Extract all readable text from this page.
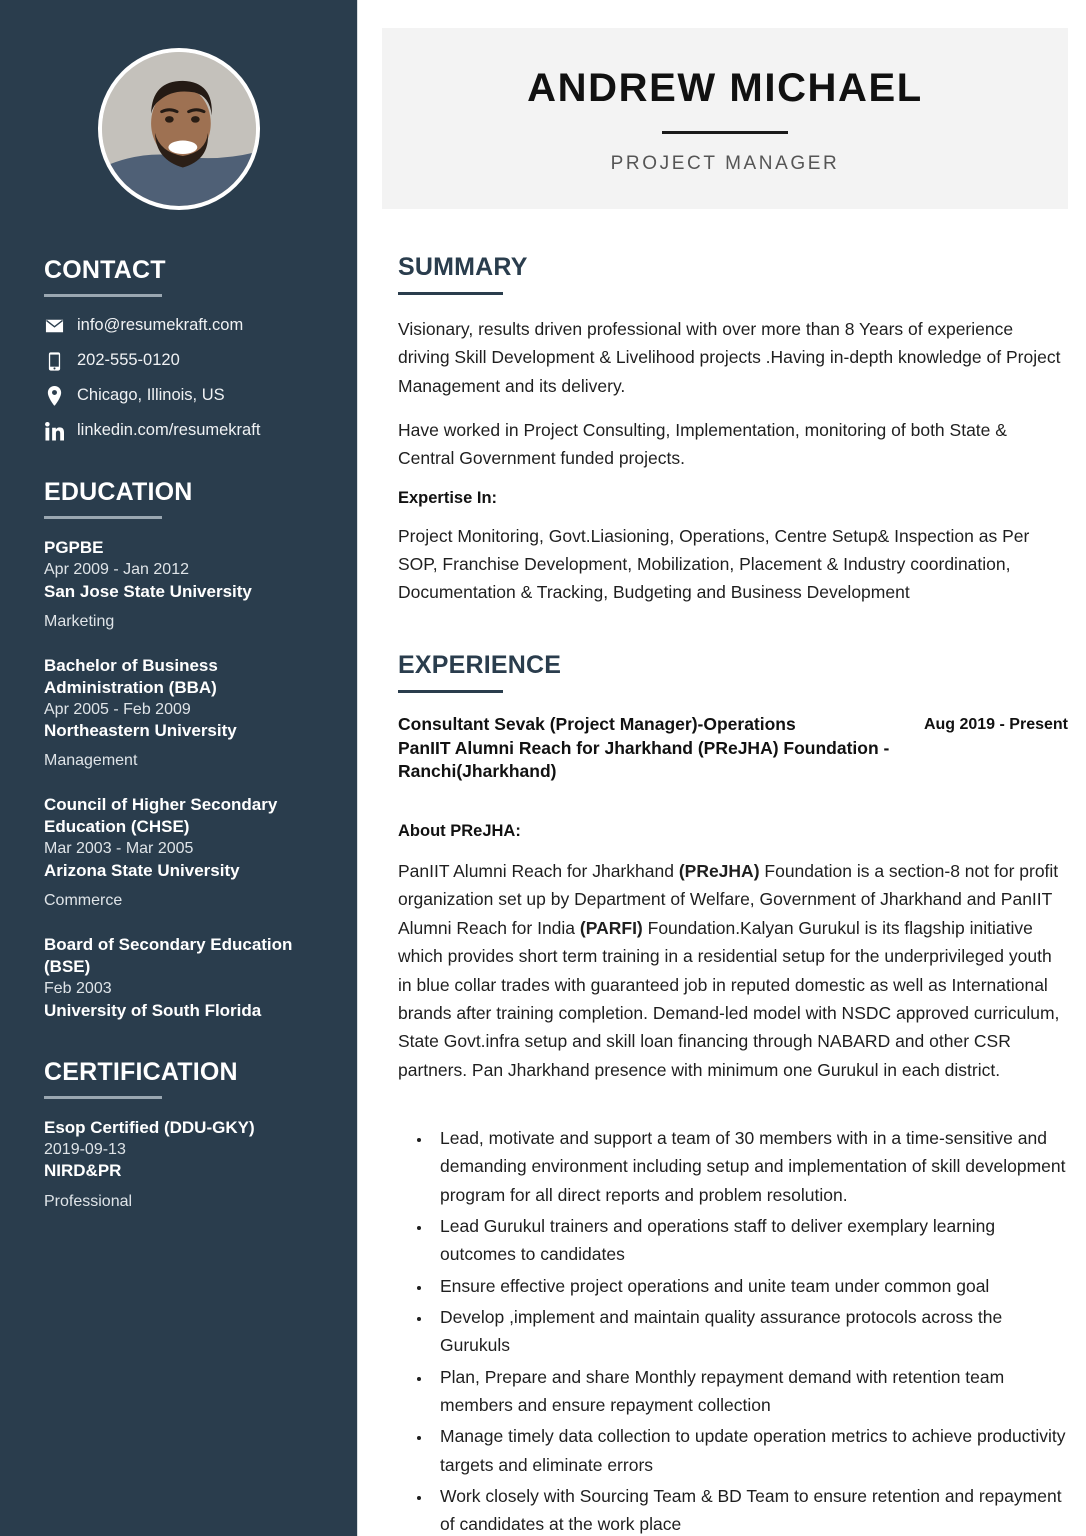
CONTACT
info@resumekraft.com
202-555-0120
Chicago, Illinois, US
linkedin.com/resumekraft
EDUCATION
PGPBE
Apr 2009 - Jan 2012
San Jose State University
Marketing
Bachelor of Business Administration (BBA)
Apr 2005 - Feb 2009
Northeastern University
Management
Council of Higher Secondary Education (CHSE)
Mar 2003 - Mar 2005
Arizona State University
Commerce
Board of Secondary Education (BSE)
Feb 2003
University of South Florida
CERTIFICATION
Esop Certified (DDU-GKY)
2019-09-13
NIRD&PR
Professional
ANDREW MICHAEL
PROJECT MANAGER
SUMMARY

Visionary, results driven professional with over more than 8 Years of experience driving Skill Development & Livelihood projects .Having in-depth knowledge of Project Management and its delivery.

Have worked in Project Consulting, Implementation, monitoring of both State & Central Government funded projects.

Expertise In:

Project Monitoring, Govt.Liasioning, Operations, Centre Setup& Inspection as Per SOP, Franchise Development, Mobilization, Placement & Industry coordination, Documentation & Tracking, Budgeting and Business Development

EXPERIENCE
Consultant Sevak (Project Manager)-Operations
PanIIT Alumni Reach for Jharkhand (PReJHA) Foundation - Ranchi(Jharkhand)
Aug 2019 - Present
About PReJHA:

PanIIT Alumni Reach for Jharkhand (PReJHA) Foundation is a section-8 not for profit organization set up by Department of Welfare, Government of Jharkhand and PanIIT Alumni Reach for India (PARFI) Foundation.Kalyan Gurukul is its flagship initiative which provides short term training in a residential setup for the underprivileged youth in blue collar trades with guaranteed job in reputed domestic as well as International brands after training completion. Demand-led model with NSDC approved curriculum, State Govt.infra setup and skill loan financing through NABARD and other CSR partners. Pan Jharkhand presence with minimum one Gurukul in each district.

• Lead, motivate and support a team of 30 members with in a time-sensitive and demanding environment including setup and implementation of skill development program for all direct reports and problem resolution.
• Lead Gurukul trainers and operations staff to deliver exemplary learning outcomes to candidates
• Ensure effective project operations and unite team under common goal
• Develop ,implement and maintain quality assurance protocols across the Gurukuls
• Plan, Prepare and share Monthly repayment demand with retention team members and ensure repayment collection
• Manage timely data collection to update operation metrics to achieve productivity targets and eliminate errors
• Work closely with Sourcing Team & BD Team to ensure retention and repayment of candidates at the work place
